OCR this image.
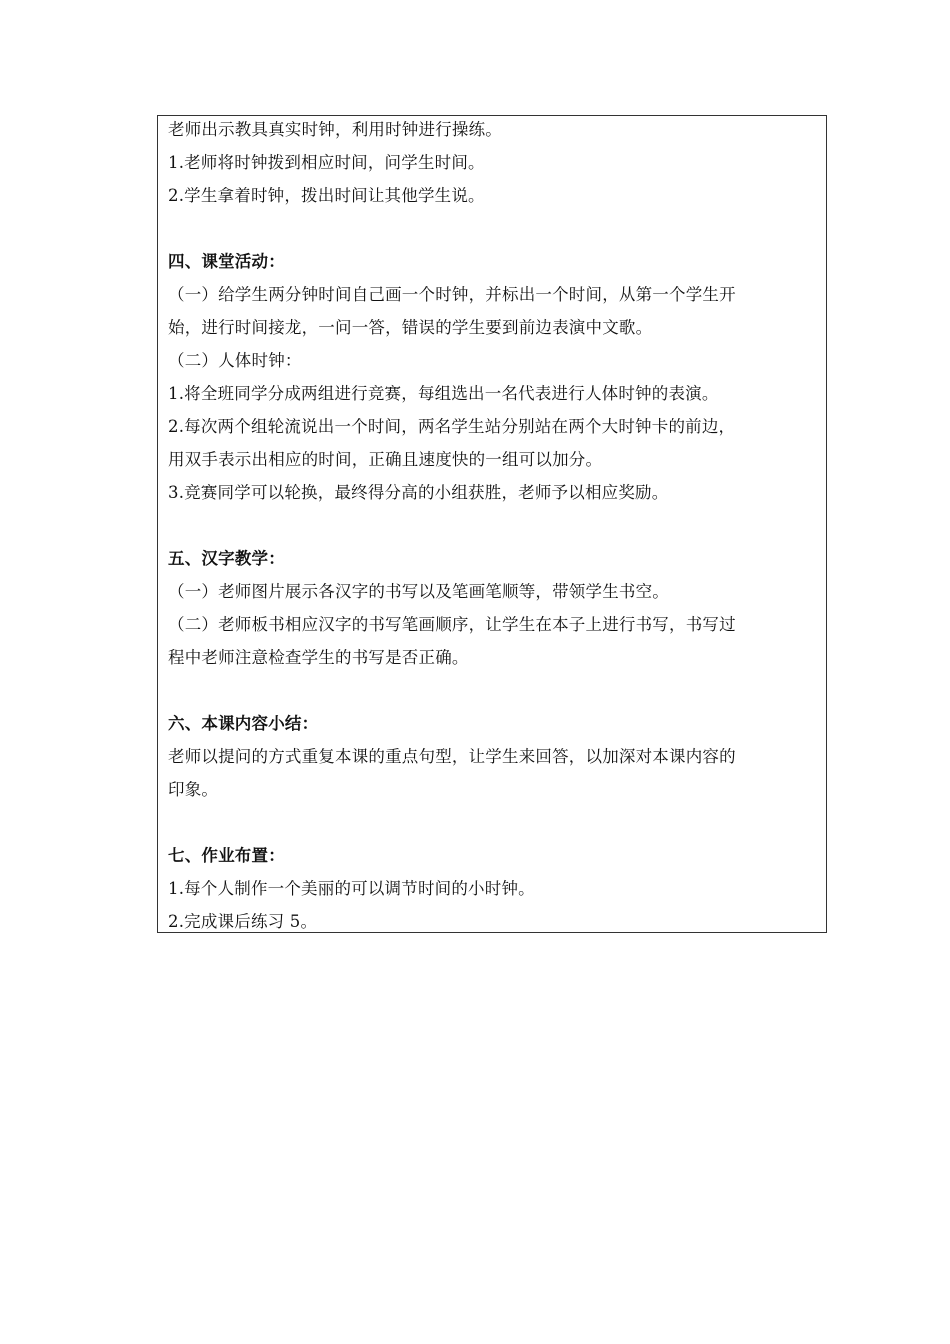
老师出示教具真实时钟，利用时钟进行操练。
1.老师将时钟拨到相应时间，问学生时间。
2.学生拿着时钟，拨出时间让其他学生说。
四、课堂活动：
（一）给学生两分钟时间自己画一个时钟，并标出一个时间，从第一个学生开
始，进行时间接龙，一问一答，错误的学生要到前边表演中文歌。
（二）人体时钟：
1.将全班同学分成两组进行竞赛，每组选出一名代表进行人体时钟的表演。
2.每次两个组轮流说出一个时间，两名学生站分别站在两个大时钟卡的前边，
用双手表示出相应的时间，正确且速度快的一组可以加分。
3.竞赛同学可以轮换，最终得分高的小组获胜，老师予以相应奖励。
五、汉字教学：
（一）老师图片展示各汉字的书写以及笔画笔顺等，带领学生书空。
（二）老师板书相应汉字的书写笔画顺序，让学生在本子上进行书写，书写过
程中老师注意检查学生的书写是否正确。
六、本课内容小结：
老师以提问的方式重复本课的重点句型，让学生来回答，以加深对本课内容的
印象。
七、作业布置：
1.每个人制作一个美丽的可以调节时间的小时钟。
2.完成课后练习 5。
